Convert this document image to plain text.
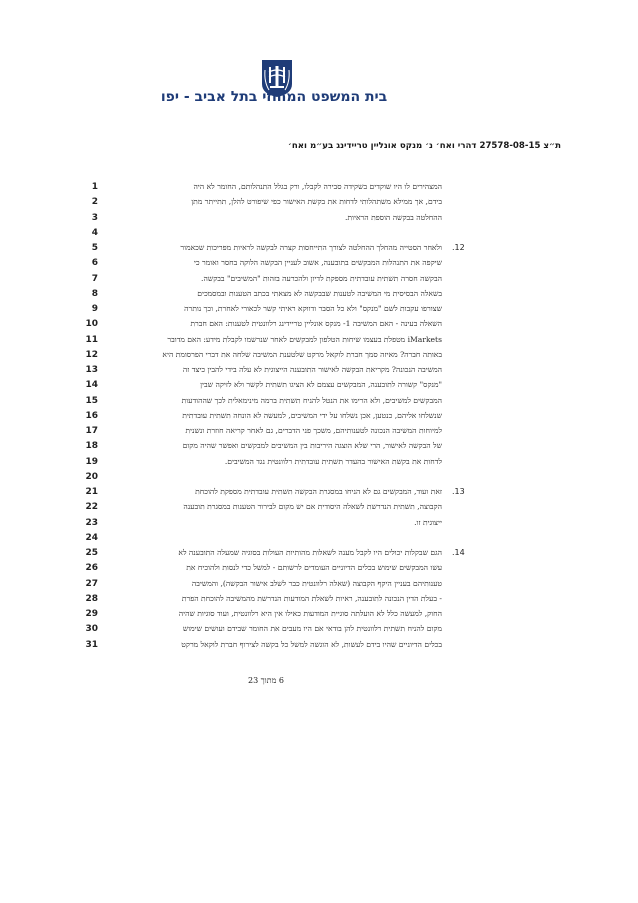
בית המשפט המחוזי בתל אביב - יפו
ת״צ 27578-08-15 דהרי ואח׳ נ׳ מנקס אונליין טריידינג בע״מ ואח׳
1	המצהירים לו היו שוקדים בשקידה סבירה לקבלו, ורק בגלל התנהלותם, החומר לא היה
2	בידם, אך ממילא משתהלותי לדחות את בקשת האישור כפי שיפורט להלן, תתייתר מתן
3	ההחלטה בבקשה הוספת הראיות.
4
5	ולאחר הסטייה מהחלך ההחלטה לצורך התייחסות קצרה לבקשה לראיות מפריכות שכאמור .12
6	שיקפה את התנהלות המבקשים בתובענה, אשוב לעניין הבקשה הלוקה בחסר ואומר כי
7	הבקשה חסרה תשתית עובדתית מספקת לדיון ולהכרעה בזהות "המשיבים" בבקשה.
8	בשאלה הבסיסית מי המשיבה לטענות שבבקשה לא מצאתי בכתב הטענות ובמסמכים
9	שצורפו עקבות לשם "מנקס" ולא כל הסבר ודווקא ראיתי קשר לכאורי לאחרת, וכך נותרה
10	השאלה בעינה - האם המשיבה 1- מנקס אונליין טריידינג רלוונטית לטענות: האם חברת
11	iMarkets מטפלת בעצמו שיחות הטלפון למבקשים לאחר שנרשמו לקבלת מידע: האם מדובר
12	באותה חברה? מאיזה סמך חברת לוקאל מרקט שלטענת המשיבה שלחה את דברי הפרסומת היא
13	המשיבה הנכונה? מקריאת הבקשה לאישור התובענה הייצוגית לא עלה בידי להבין כיצד זה
14	"מנקס" קשורה לתובענה, המבקשים עצמם לא הציגו תשתית לקשר ולא לזיקה שבין
15	המבקשים למשיבים, ולא הרימו את הנטל להניח תשתית ברמה מינימאלית לכך שההודעות
16	שנשלחו אליהם, כנטען, אכן נשלחו על ידי המשיבים, למעשה לא הונחה תשתית עובדתית
17	למיוחות המשיבה הנכונה לטענותיהם, משכך פני הדברים, גם לאחר קריאה חוזרת ונשנית
18	של הבקשה לאישור, הרי שלא הוצגה היריבות בין המשיבים למבקשים ואפשר שהיה מקום
19	לדחות את בקשת האישור בהעדר תשתית עובדתית רלוונטית נגד המשיבים.
20
21	זאת ועוד, המבקשים גם לא הניחו במסגרת הבקשה תשתית עובדתית מספקת להוכחת .13
22	הקבוצה, תשתית הנדרשת לשאלה היסודית אם יש מקום לבירור הטענות במסגרת תובענה
23	ייצוגית זו.
24
25	הגם שבקלות יכולים היו לקבל מענה לשאלות מהותיות העולות בסוגיה שמעלה התובענה לא .14
26	עשו המבקשים שימוש בכלים הדיוניים העומדים לרשותם - למשל כדי לנסות ולהוכיח את
27	טענותיהם בעניין היקף הקבוצה (שאלה רלוונטית כבר לשלב אישור הבקשה), והמשיבה
28	- בעלת הדין הנכונה לתובענה, ראיות לשאלת המודעות הנדרשת מהמשיבה להוכחת הפרת
29	החוק, למעשה כלל לא הועלתה סוגיית המודעות כאילו אין היא רלוונטית, ועוד סוגיות שהיה
30	מקום להניח תשתית רלוונטית להן בודאי אם היו מעבים את החומר שבידם ועושים שימוש
31	בכלים הדיוניים שהיו בידם לעשות, לא הוגשה למשל כל בקשה לצירוף חברת לוקאל מרקט
6 מתוך 23
